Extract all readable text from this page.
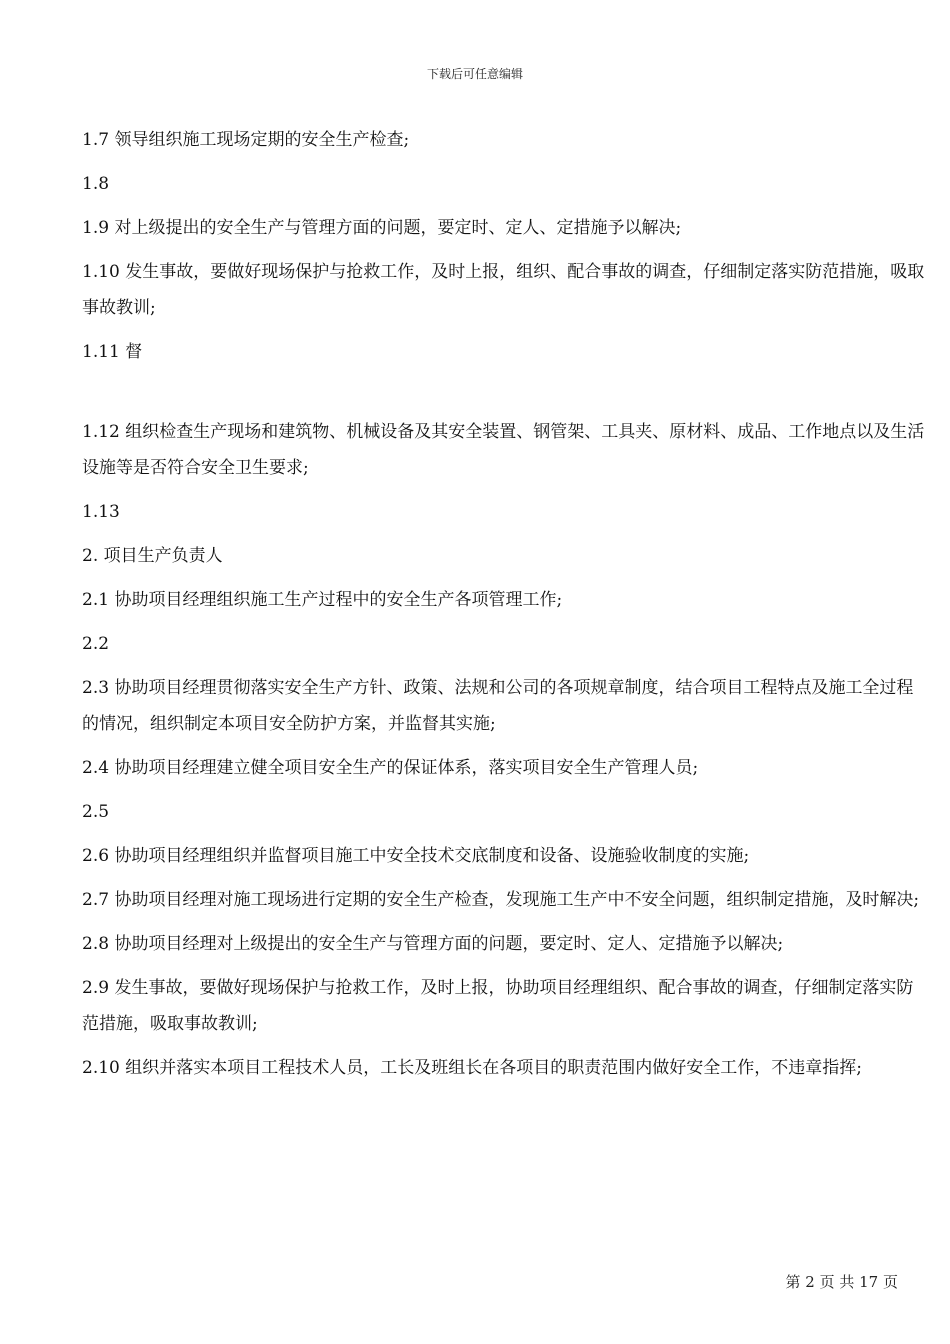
下载后可任意编辑

1.7 领导组织施工现场定期的安全生产检查;

1.8

1.9 对上级提出的安全生产与管理方面的问题，要定时、定人、定措施予以解决;

1.10 发生事故，要做好现场保护与抢救工作，及时上报，组织、配合事故的调查，仔细制定落实防范措施，吸取事故教训;

1.11 督

1.12 组织检查生产现场和建筑物、机械设备及其安全装置、钢管架、工具夹、原材料、成品、工作地点以及生活设施等是否符合安全卫生要求;

1.13

2. 项目生产负责人

2.1 协助项目经理组织施工生产过程中的安全生产各项管理工作;

2.2

2.3 协助项目经理贯彻落实安全生产方针、政策、法规和公司的各项规章制度，结合项目工程特点及施工全过程的情况，组织制定本项目安全防护方案，并监督其实施;

2.4 协助项目经理建立健全项目安全生产的保证体系，落实项目安全生产管理人员;

2.5

2.6 协助项目经理组织并监督项目施工中安全技术交底制度和设备、设施验收制度的实施;

2.7 协助项目经理对施工现场进行定期的安全生产检查，发现施工生产中不安全问题，组织制定措施，及时解决;

2.8 协助项目经理对上级提出的安全生产与管理方面的问题，要定时、定人、定措施予以解决;

2.9 发生事故，要做好现场保护与抢救工作，及时上报，协助项目经理组织、配合事故的调查，仔细制定落实防范措施，吸取事故教训;

2.10 组织并落实本项目工程技术人员，工长及班组长在各项目的职责范围内做好安全工作，不违章指挥;

第 2 页 共 17 页
